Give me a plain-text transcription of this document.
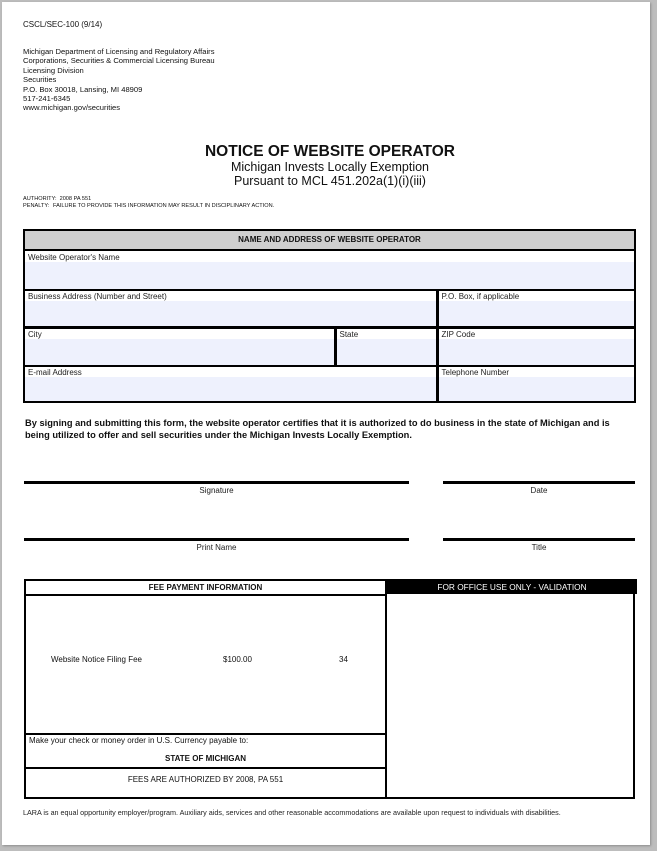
CSCL/SEC-100 (9/14)
Michigan Department of Licensing and Regulatory Affairs
Corporations, Securities & Commercial Licensing Bureau
Licensing Division
Securities
P.O. Box 30018, Lansing, MI 48909
517-241-6345
www.michigan.gov/securities
NOTICE OF WEBSITE OPERATOR
Michigan Invests Locally Exemption
Pursuant to MCL 451.202a(1)(i)(iii)
AUTHORITY: 2008 PA 551
PENALTY: FAILURE TO PROVIDE THIS INFORMATION MAY RESULT IN DISCIPLINARY ACTION.
NAME AND ADDRESS OF WEBSITE OPERATOR
Website Operator's Name
Business Address (Number and Street)	P.O. Box, if applicable
City	State	ZIP Code
E-mail Address	Telephone Number
By signing and submitting this form, the website operator certifies that it is authorized to do business in the state of Michigan and is being utilized to offer and sell securities under the Michigan Invests Locally Exemption.
Signature	Date
Print Name	Title
FEE PAYMENT INFORMATION	FOR OFFICE USE ONLY - VALIDATION
Website Notice Filing Fee	$100.00	34
Make your check or money order in U.S. Currency payable to:
STATE OF MICHIGAN
FEES ARE AUTHORIZED BY 2008, PA 551
LARA is an equal opportunity employer/program. Auxiliary aids, services and other reasonable accommodations are available upon request to individuals with disabilities.
